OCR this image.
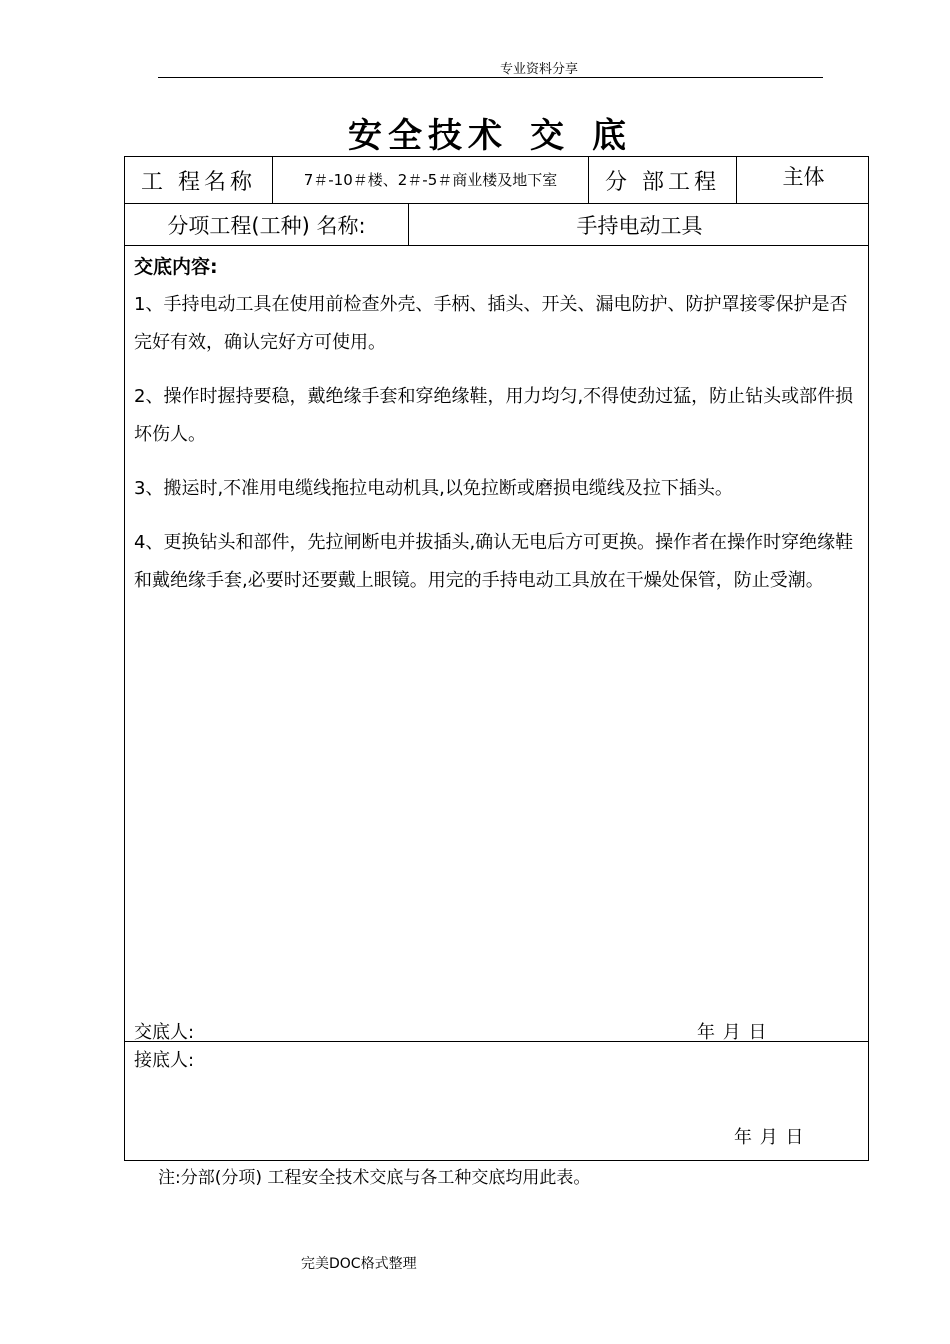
专业资料分享
安全技术 交 底
工 程名称	7＃-10＃楼、2＃-5＃商业楼及地下室	分 部工程	主体
分项工程(工种) 名称:	手持电动工具
交底内容:
1、手持电动工具在使用前检查外壳、手柄、插头、开关、漏电防护、防护罩接零保护是否完好有效，确认完好方可使用。
2、操作时握持要稳，戴绝缘手套和穿绝缘鞋，用力均匀,不得使劲过猛，防止钻头或部件损坏伤人。
3、搬运时,不准用电缆线拖拉电动机具,以免拉断或磨损电缆线及拉下插头。
4、更换钻头和部件，先拉闸断电并拔插头,确认无电后方可更换。操作者在操作时穿绝缘鞋和戴绝缘手套,必要时还要戴上眼镜。用完的手持电动工具放在干燥处保管，防止受潮。
交底人:	年 月 日
接底人:
年 月 日
注:分部(分项) 工程安全技术交底与各工种交底均用此表。
完美DOC格式整理
